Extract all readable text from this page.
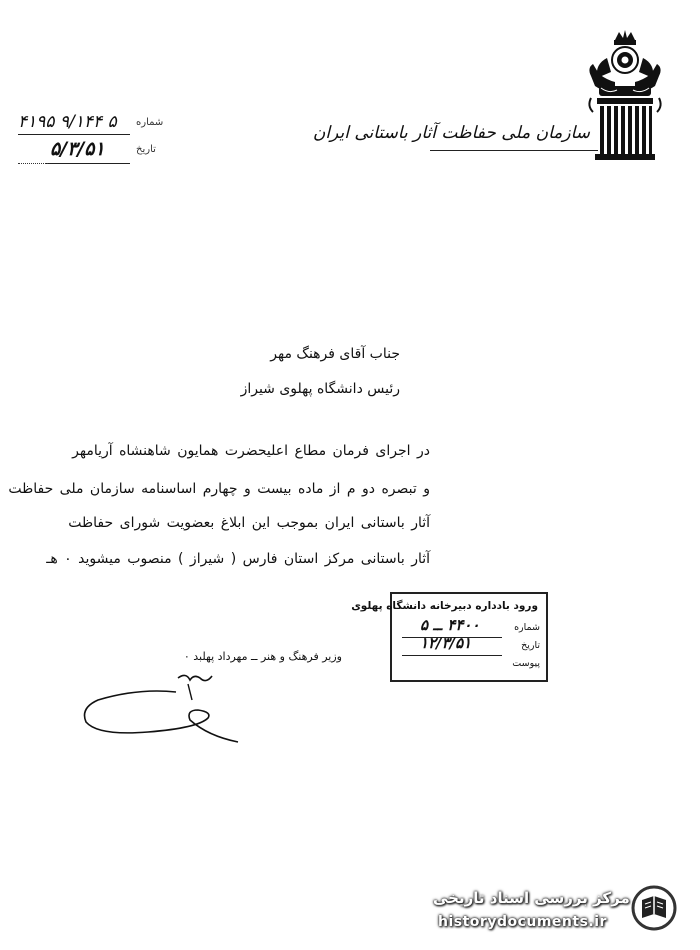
سازمان ملی حفاظت آثار باستانی ایران
شماره
۴۱۹۵ ۹/۱۴۴ ۵
تاریخ
۵/۳/۵۱
جناب آقای فرهنگ مهر
رئیس دانشگاه پهلوی شیراز
در اجرای فرمان مطاع اعلیحضرت همایون شاهنشاه آریامهر
و تبصره دو م از ماده بیست و چهارم اساسنامه سازمان ملی حفاظت
آثار باستانی ایران بموجب این ابلاغ بعضویت شورای حفاظت
آثار باستانی مرکز استان فارس ( شیراز ) منصوب میشوید ۰ هـ
ورود بادداره دبیرخانه دانشگاه پهلوی
شماره
۴۴۰۰ ــ ۵
تاریخ
۱۲/۳/۵۱
پیوست
وزیر فرهنگ و هنر ــ مهرداد پهلبد ۰
مرکز بررسی اسناد تاریخی
historydocuments.ir
